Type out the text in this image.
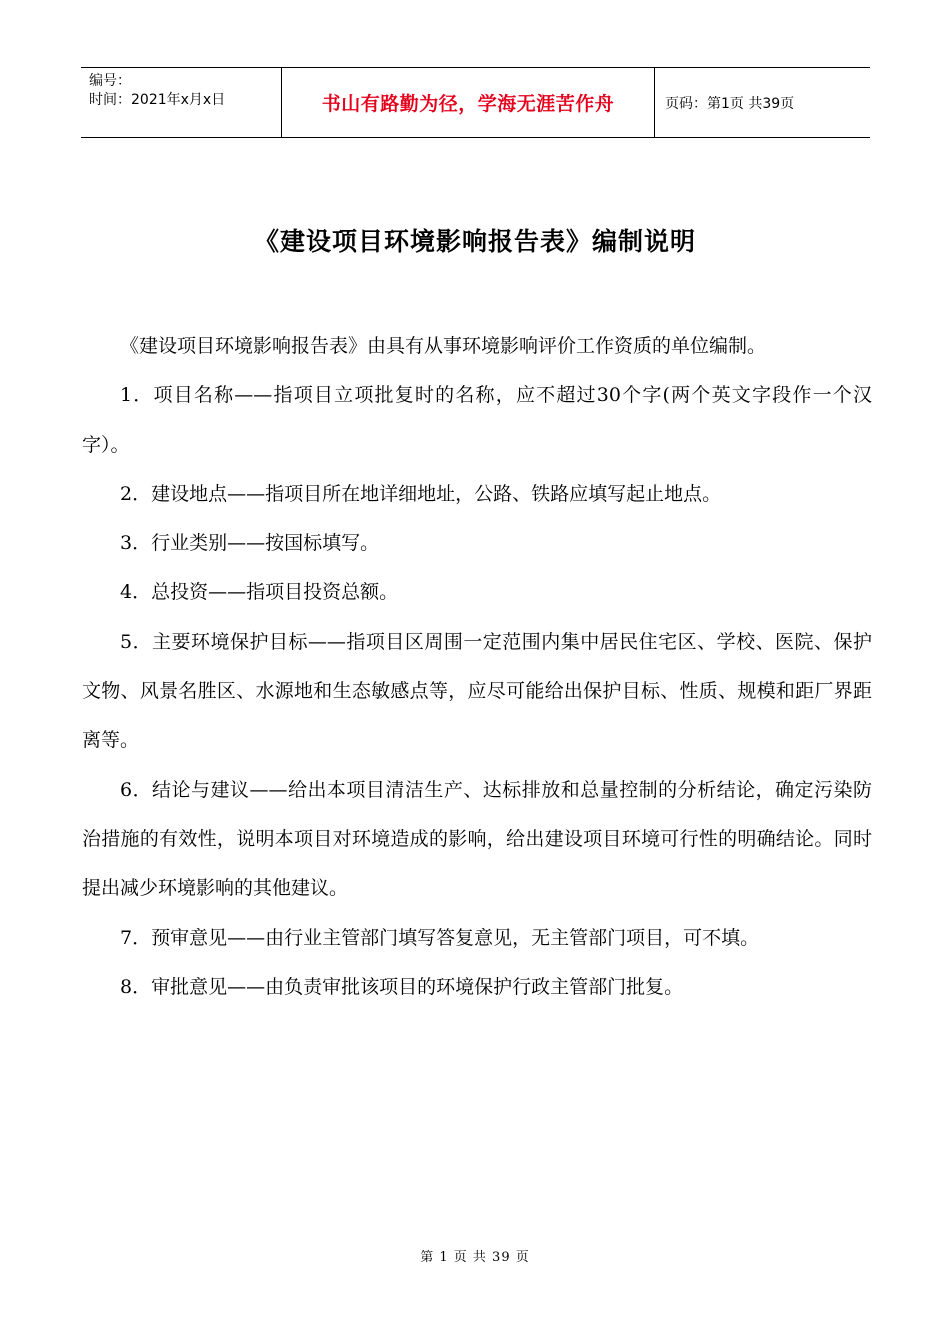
编号：
时间：2021年x月x日	书山有路勤为径，学海无涯苦作舟	页码：第1页 共39页
《建设项目环境影响报告表》编制说明

《建设项目环境影响报告表》由具有从事环境影响评价工作资质的单位编制。

1．项目名称——指项目立项批复时的名称，应不超过30个字(两个英文字段作一个汉字）。

2．建设地点——指项目所在地详细地址，公路、铁路应填写起止地点。

3．行业类别——按国标填写。

4．总投资——指项目投资总额。

5．主要环境保护目标——指项目区周围一定范围内集中居民住宅区、学校、医院、保护文物、风景名胜区、水源地和生态敏感点等，应尽可能给出保护目标、性质、规模和距厂界距离等。

6．结论与建议——给出本项目清洁生产、达标排放和总量控制的分析结论，确定污染防治措施的有效性，说明本项目对环境造成的影响，给出建设项目环境可行性的明确结论。同时提出减少环境影响的其他建议。

7．预审意见——由行业主管部门填写答复意见，无主管部门项目，可不填。

8．审批意见——由负责审批该项目的环境保护行政主管部门批复。

第 1 页 共 39 页
